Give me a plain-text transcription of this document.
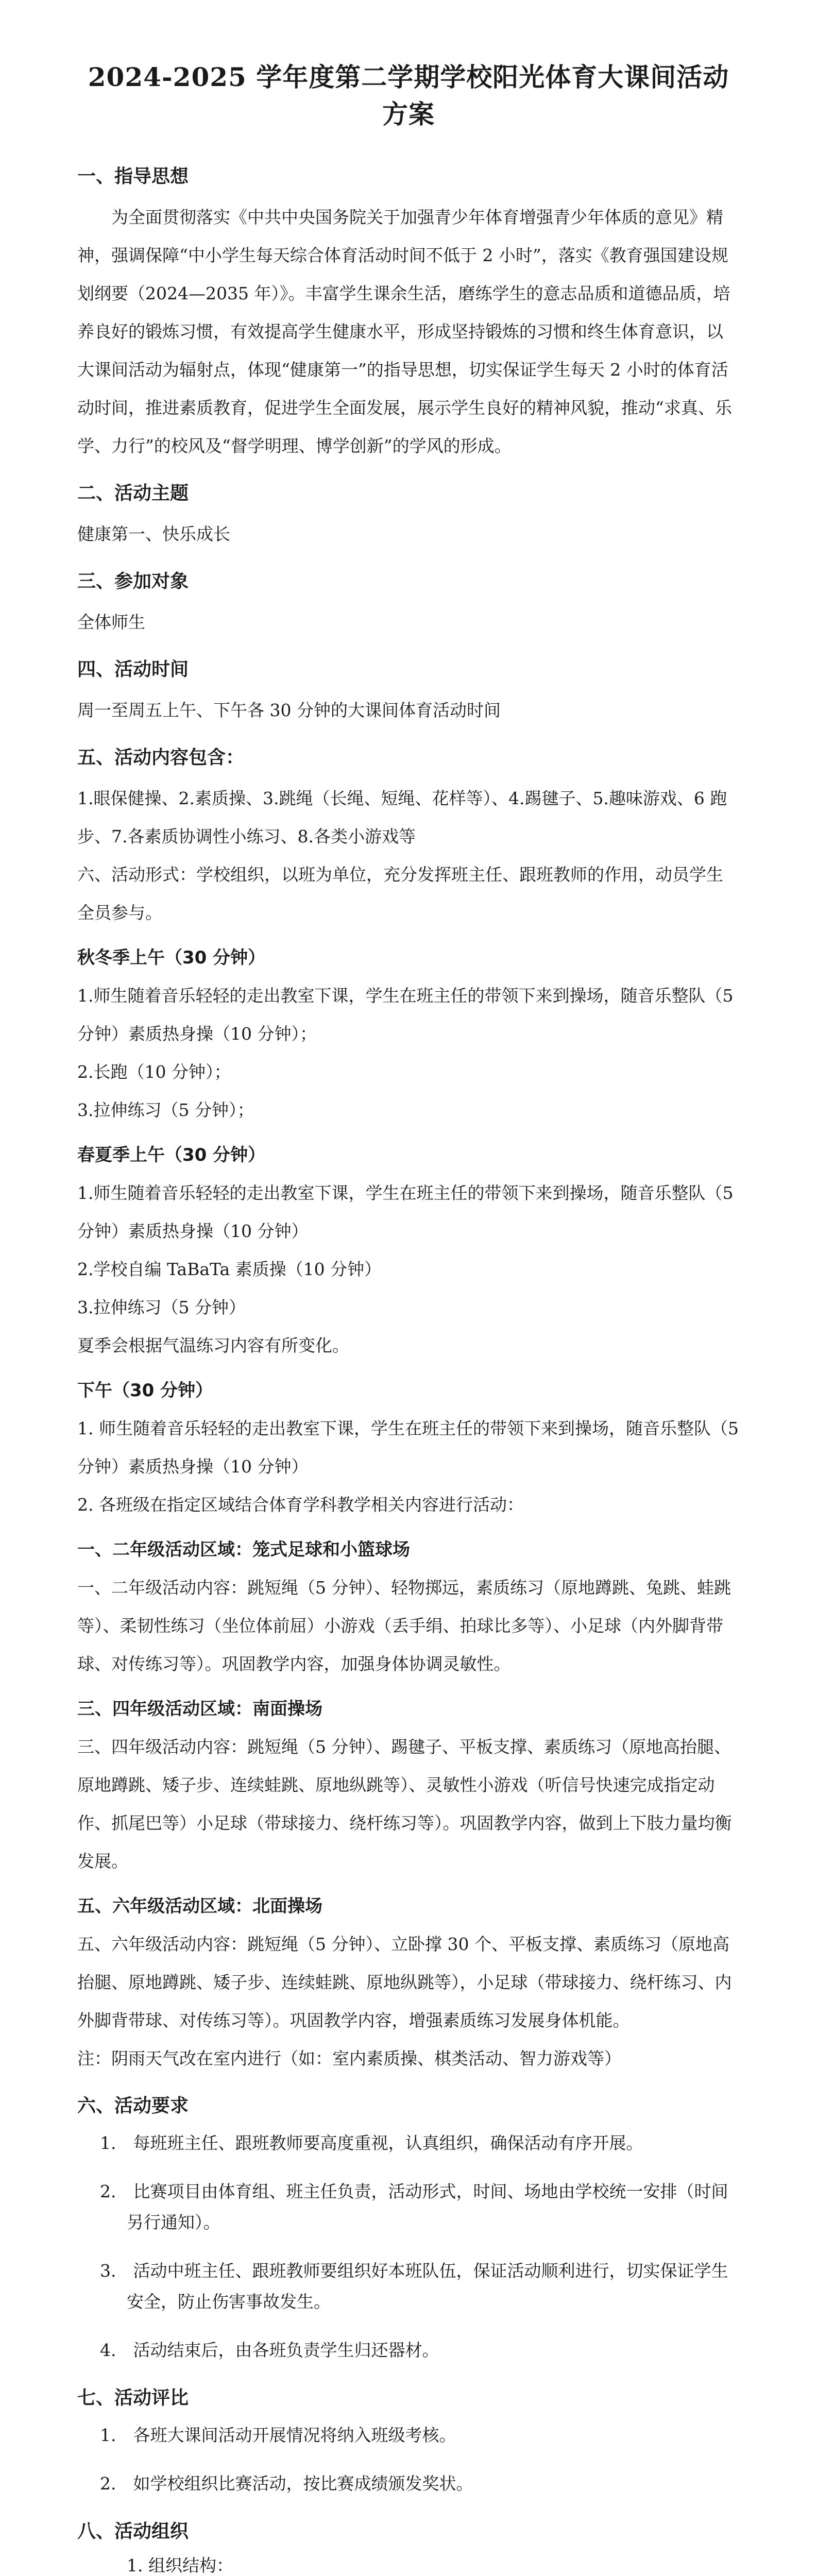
2024-2025 学年度第二学期学校阳光体育大课间活动方案
一、指导思想

为全面贯彻落实《中共中央国务院关于加强青少年体育增强青少年体质的意见》精神，强调保障“中小学生每天综合体育活动时间不低于 2 小时”，落实《教育强国建设规划纲要（2024—2035 年）》。丰富学生课余生活，磨练学生的意志品质和道德品质，培养良好的锻炼习惯，有效提高学生健康水平，形成坚持锻炼的习惯和终生体育意识，以大课间活动为辐射点，体现“健康第一”的指导思想，切实保证学生每天 2 小时的体育活动时间，推进素质教育，促进学生全面发展，展示学生良好的精神风貌，推动“求真、乐学、力行”的校风及“督学明理、博学创新”的学风的形成。

二、活动主题

健康第一、快乐成长

三、参加对象

全体师生

四、活动时间

周一至周五上午、下午各 30 分钟的大课间体育活动时间

五、活动内容包含：

1.眼保健操、2.素质操、3.跳绳（长绳、短绳、花样等）、4.踢毽子、5.趣味游戏、6 跑步、7.各素质协调性小练习、8.各类小游戏等

六、活动形式：学校组织，以班为单位，充分发挥班主任、跟班教师的作用，动员学生全员参与。

秋冬季上午（30 分钟）

1.师生随着音乐轻轻的走出教室下课，学生在班主任的带领下来到操场，随音乐整队（5 分钟）素质热身操（10 分钟）；

2.长跑（10 分钟）；

3.拉伸练习（5 分钟）；

春夏季上午（30 分钟）

1.师生随着音乐轻轻的走出教室下课，学生在班主任的带领下来到操场，随音乐整队（5 分钟）素质热身操（10 分钟）

2.学校自编 TaBaTa 素质操（10 分钟）

3.拉伸练习（5 分钟）

夏季会根据气温练习内容有所变化。

下午（30 分钟）

1. 师生随着音乐轻轻的走出教室下课，学生在班主任的带领下来到操场，随音乐整队（5 分钟）素质热身操（10 分钟）

2. 各班级在指定区域结合体育学科教学相关内容进行活动：

一、二年级活动区域：笼式足球和小篮球场

一、二年级活动内容：跳短绳（5 分钟）、轻物掷远，素质练习（原地蹲跳、兔跳、蛙跳等）、柔韧性练习（坐位体前屈）小游戏（丢手绢、拍球比多等）、小足球（内外脚背带球、对传练习等）。巩固教学内容，加强身体协调灵敏性。

三、四年级活动区域：南面操场

三、四年级活动内容：跳短绳（5 分钟）、踢毽子、平板支撑、素质练习（原地高抬腿、原地蹲跳、矮子步、连续蛙跳、原地纵跳等）、灵敏性小游戏（听信号快速完成指定动作、抓尾巴等）小足球（带球接力、绕杆练习等）。巩固教学内容，做到上下肢力量均衡发展。

五、六年级活动区域：北面操场

五、六年级活动内容：跳短绳（5 分钟）、立卧撑 30 个、平板支撑、素质练习（原地高抬腿、原地蹲跳、矮子步、连续蛙跳、原地纵跳等），小足球（带球接力、绕杆练习、内外脚背带球、对传练习等）。巩固教学内容，增强素质练习发展身体机能。

注：阴雨天气改在室内进行（如：室内素质操、棋类活动、智力游戏等）

六、活动要求
1.　每班班主任、跟班教师要高度重视，认真组织，确保活动有序开展。
2.　比赛项目由体育组、班主任负责，活动形式，时间、场地由学校统一安排（时间另行通知）。
3.　活动中班主任、跟班教师要组织好本班队伍，保证活动顺利进行，切实保证学生安全，防止伤害事故发生。
4.　活动结束后，由各班负责学生归还器材。
七、活动评比
1.　各班大课间活动开展情况将纳入班级考核。
2.　如学校组织比赛活动，按比赛成绩颁发奖状。
八、活动组织
1. 组织结构：
